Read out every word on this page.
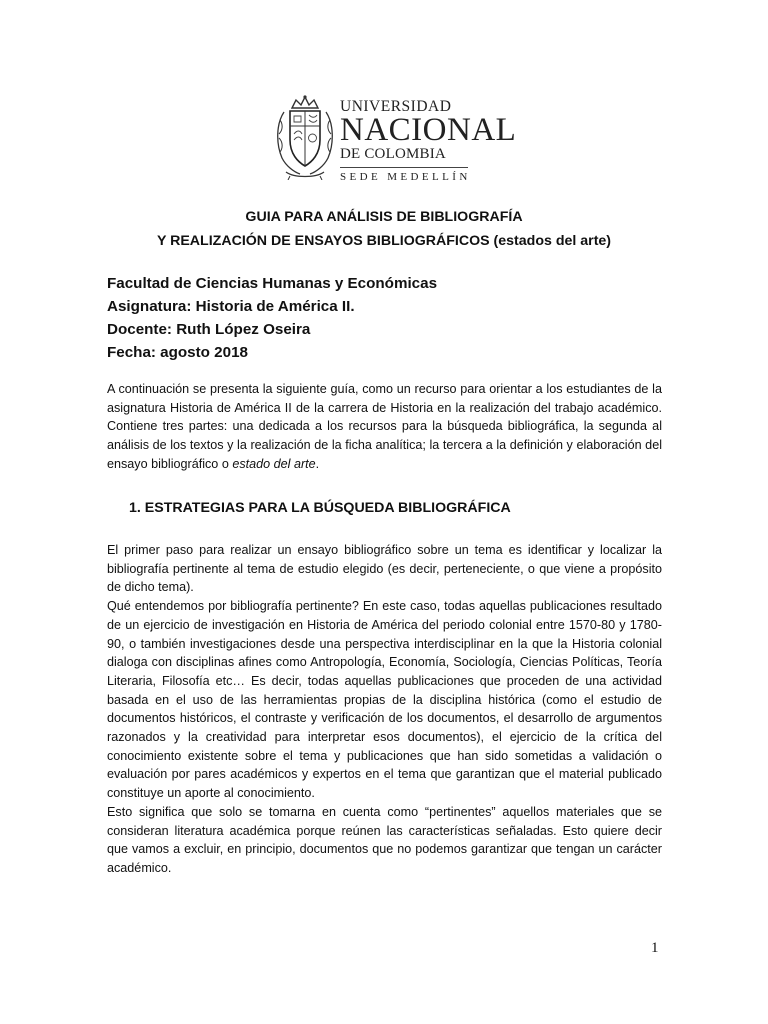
UNIVERSIDAD
NACIONAL
DE COLOMBIA
SEDE MEDELLÍN
GUIA PARA ANÁLISIS DE BIBLIOGRAFÍA
Y REALIZACIÓN DE ENSAYOS BIBLIOGRÁFICOS (estados del arte)
Facultad de Ciencias Humanas y Económicas
Asignatura: Historia de América II.
Docente: Ruth López Oseira
Fecha: agosto 2018
A continuación se presenta la siguiente guía, como un recurso para orientar a los estudiantes de la asignatura Historia de América II de la carrera de Historia en la realización del trabajo académico. Contiene tres partes: una dedicada a los recursos para la búsqueda bibliográfica, la segunda al análisis de los textos y la realización de la ficha analítica; la tercera a la definición y elaboración del ensayo bibliográfico o estado del arte.
1. ESTRATEGIAS PARA LA BÚSQUEDA BIBLIOGRÁFICA

El primer paso para realizar un ensayo bibliográfico sobre un tema es identificar y localizar la bibliografía pertinente al tema de estudio elegido (es decir, perteneciente, o que viene a propósito de dicho tema).

Qué entendemos por bibliografía pertinente? En este caso, todas aquellas publicaciones resultado de un ejercicio de investigación en Historia de América del periodo colonial entre 1570-80 y 1780-90, o también investigaciones desde una perspectiva interdisciplinar en la que la Historia colonial dialoga con disciplinas afines como Antropología, Economía, Sociología, Ciencias Políticas, Teoría Literaria, Filosofía etc… Es decir, todas aquellas publicaciones que proceden de una actividad basada en el uso de las herramientas propias de la disciplina histórica (como el estudio de documentos históricos, el contraste y verificación de los documentos, el desarrollo de argumentos razonados y la creatividad para interpretar esos documentos), el ejercicio de la crítica del conocimiento existente sobre el tema y publicaciones que han sido sometidas a validación o evaluación por pares académicos y expertos en el tema que garantizan que el material publicado constituye un aporte al conocimiento.

Esto significa que solo se tomarna en cuenta como “pertinentes” aquellos materiales que se consideran literatura académica porque reúnen las características señaladas. Esto quiere decir que vamos a excluir, en principio, documentos que no podemos garantizar que tengan un carácter académico.

1
